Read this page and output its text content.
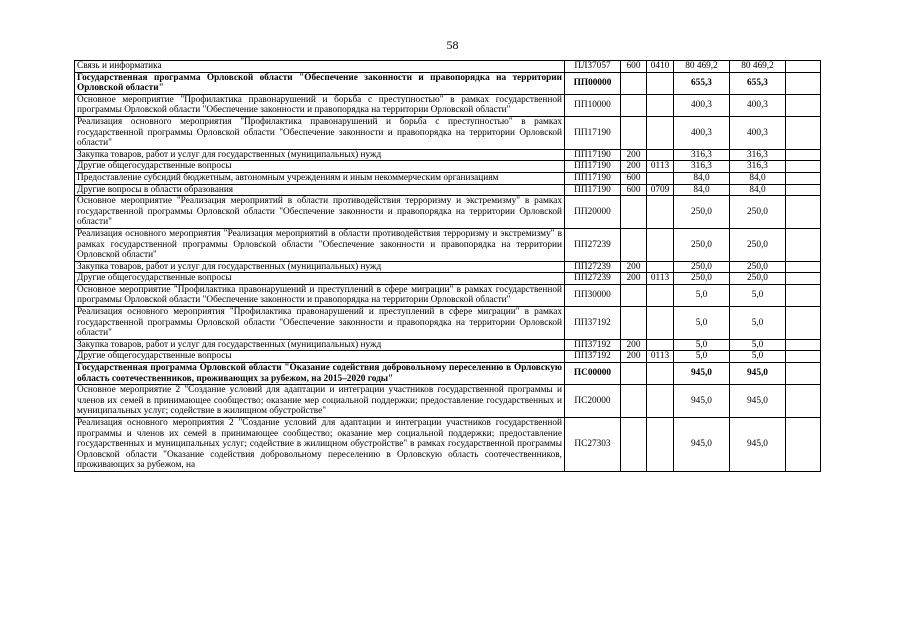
58
Связь и информатика	ПЛ37057	600	0410	80 469,2	80 469,2	
Государственная программа Орловской области "Обеспечение законности и правопорядка на территории Орловской области"	ПП00000			655,3	655,3	
Основное мероприятие "Профилактика правонарушений и борьба с преступностью" в рамках государственной программы Орловской области "Обеспечение законности и правопорядка на территории Орловской области"	ПП10000			400,3	400,3	
Реализация основного мероприятия "Профилактика правонарушений и борьба с преступностью" в рамках государственной программы Орловской области "Обеспечение законности и правопорядка на территории Орловской области"	ПП17190			400,3	400,3	
Закупка товаров, работ и услуг для государственных (муниципальных) нужд	ПП17190	200		316,3	316,3	
Другие общегосударственные вопросы	ПП17190	200	0113	316,3	316,3	
Предоставление субсидий бюджетным, автономным учреждениям и иным некоммерческим организациям	ПП17190	600		84,0	84,0	
Другие вопросы в области образования	ПП17190	600	0709	84,0	84,0	
Основное мероприятие "Реализация мероприятий в области противодействия терроризму и экстремизму" в рамках государственной программы Орловской области "Обеспечение законности и правопорядка на территории Орловской области"	ПП20000			250,0	250,0	
Реализация основного мероприятия "Реализация мероприятий в области противодействия терроризму и экстремизму" в рамках государственной программы Орловской области "Обеспечение законности и правопорядка на территории Орловской области"	ПП27239			250,0	250,0	
Закупка товаров, работ и услуг для государственных (муниципальных) нужд	ПП27239	200		250,0	250,0	
Другие общегосударственные вопросы	ПП27239	200	0113	250,0	250,0	
Основное мероприятие "Профилактика правонарушений и преступлений в сфере миграции" в рамках государственной программы Орловской области "Обеспечение законности и правопорядка на территории Орловской области"	ПП30000			5,0	5,0	
Реализация основного мероприятия "Профилактика правонарушений и преступлений в сфере миграции" в рамках государственной программы Орловской области "Обеспечение законности и правопорядка на территории Орловской области"	ПП37192			5,0	5,0	
Закупка товаров, работ и услуг для государственных (муниципальных) нужд	ПП37192	200		5,0	5,0	
Другие общегосударственные вопросы	ПП37192	200	0113	5,0	5,0	
Государственная программа Орловской области "Оказание содействия добровольному переселению в Орловскую область соотечественников, проживающих за рубежом, на 2015–2020 годы"	ПС00000			945,0	945,0	
Основное мероприятие 2 "Создание условий для адаптации и интеграции участников государственной программы и членов их семей в принимающее сообщество; оказание мер социальной поддержки; предоставление государственных и муниципальных услуг; содействие в жилищном обустройстве"	ПС20000			945,0	945,0	
Реализация основного мероприятия 2 "Создание условий для адаптации и интеграции участников государственной программы и членов их семей в принимающее сообщество; оказание мер социальной поддержки; предоставление государственных и муниципальных услуг; содействие в жилищном обустройстве" в рамках государственной программы Орловской области "Оказание содействия добровольному переселению в Орловскую область соотечественников, проживающих за рубежом, на	ПС27303			945,0	945,0	
